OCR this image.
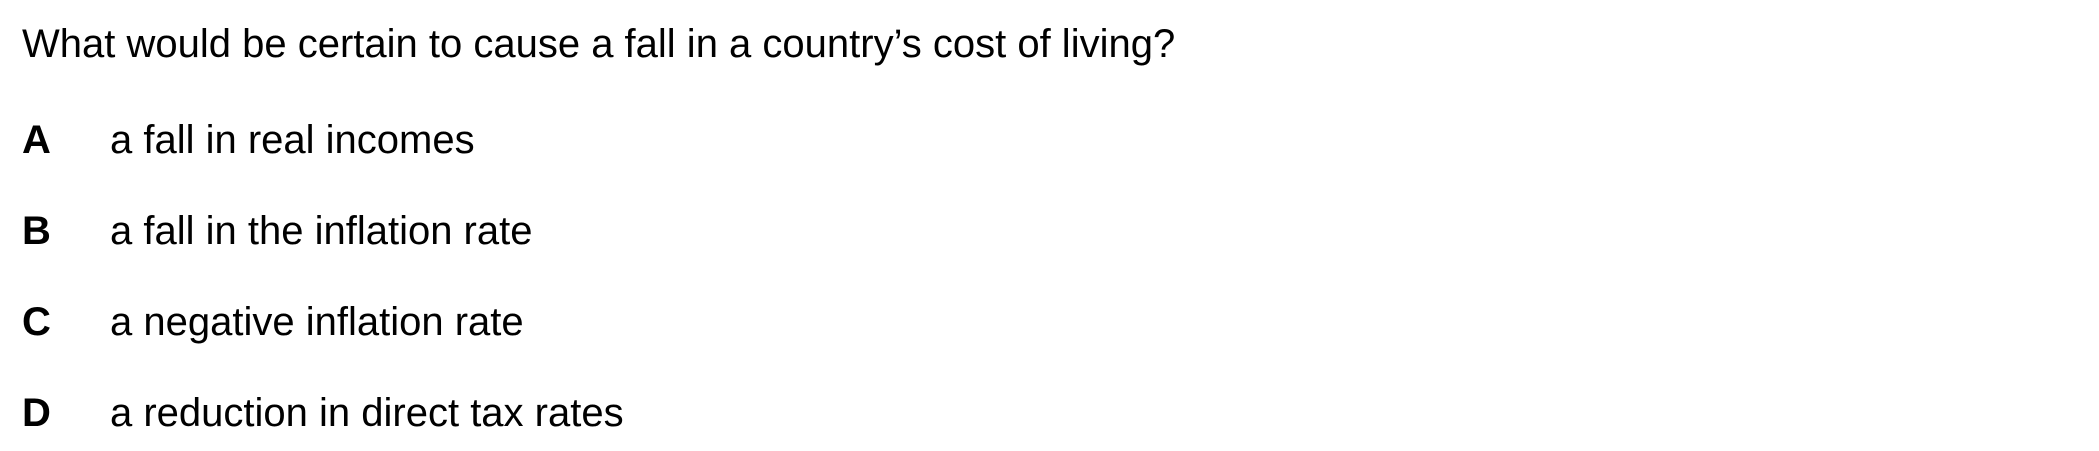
What would be certain to cause a fall in a country’s cost of living?
A	a fall in real incomes
B	a fall in the inflation rate
C	a negative inflation rate
D	a reduction in direct tax rates
